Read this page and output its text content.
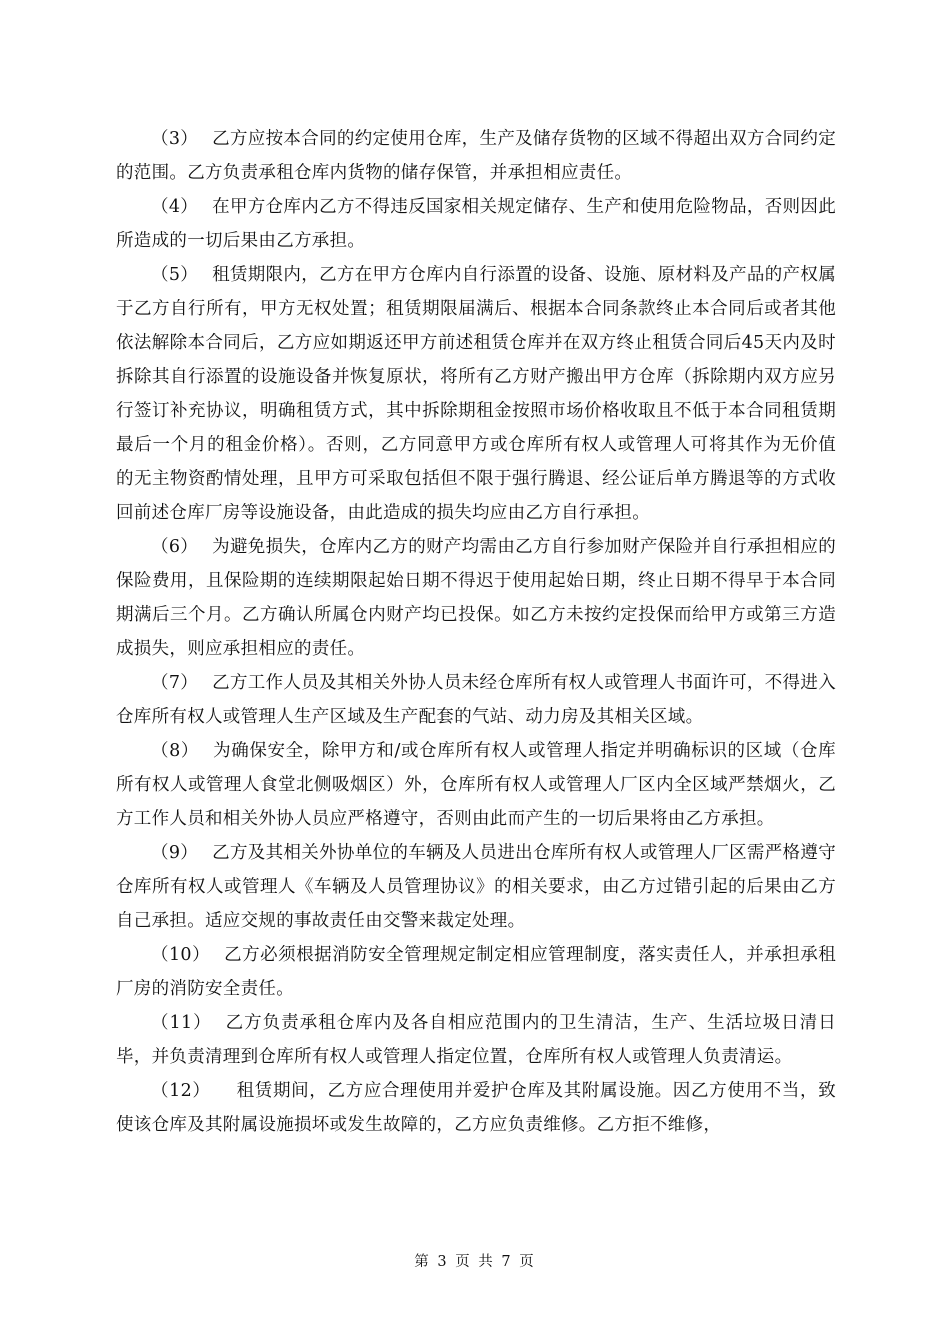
（3） 乙方应按本合同的约定使用仓库，生产及储存货物的区域不得超出双方合同约定的范围。乙方负责承租仓库内货物的储存保管，并承担相应责任。

（4） 在甲方仓库内乙方不得违反国家相关规定储存、生产和使用危险物品，否则因此所造成的一切后果由乙方承担。

（5） 租赁期限内，乙方在甲方仓库内自行添置的设备、设施、原材料及产品的产权属于乙方自行所有，甲方无权处置；租赁期限届满后、根据本合同条款终止本合同后或者其他依法解除本合同后，乙方应如期返还甲方前述租赁仓库并在双方终止租赁合同后45天内及时拆除其自行添置的设施设备并恢复原状，将所有乙方财产搬出甲方仓库（拆除期内双方应另行签订补充协议，明确租赁方式，其中拆除期租金按照市场价格收取且不低于本合同租赁期最后一个月的租金价格）。否则，乙方同意甲方或仓库所有权人或管理人可将其作为无价值的无主物资酌情处理，且甲方可采取包括但不限于强行腾退、经公证后单方腾退等的方式收回前述仓库厂房等设施设备，由此造成的损失均应由乙方自行承担。

（6） 为避免损失，仓库内乙方的财产均需由乙方自行参加财产保险并自行承担相应的保险费用，且保险期的连续期限起始日期不得迟于使用起始日期，终止日期不得早于本合同期满后三个月。乙方确认所属仓内财产均已投保。如乙方未按约定投保而给甲方或第三方造成损失，则应承担相应的责任。

（7） 乙方工作人员及其相关外协人员未经仓库所有权人或管理人书面许可，不得进入仓库所有权人或管理人生产区域及生产配套的气站、动力房及其相关区域。

（8） 为确保安全，除甲方和/或仓库所有权人或管理人指定并明确标识的区域（仓库所有权人或管理人食堂北侧吸烟区）外，仓库所有权人或管理人厂区内全区域严禁烟火，乙方工作人员和相关外协人员应严格遵守，否则由此而产生的一切后果将由乙方承担。

（9） 乙方及其相关外协单位的车辆及人员进出仓库所有权人或管理人厂区需严格遵守仓库所有权人或管理人《车辆及人员管理协议》的相关要求，由乙方过错引起的后果由乙方自己承担。适应交规的事故责任由交警来裁定处理。

（10） 乙方必须根据消防安全管理规定制定相应管理制度，落实责任人，并承担承租厂房的消防安全责任。

（11） 乙方负责承租仓库内及各自相应范围内的卫生清洁，生产、生活垃圾日清日毕，并负责清理到仓库所有权人或管理人指定位置，仓库所有权人或管理人负责清运。

（12） 租赁期间，乙方应合理使用并爱护仓库及其附属设施。因乙方使用不当，致使该仓库及其附属设施损坏或发生故障的，乙方应负责维修。乙方拒不维修，

第 3 页 共 7 页
